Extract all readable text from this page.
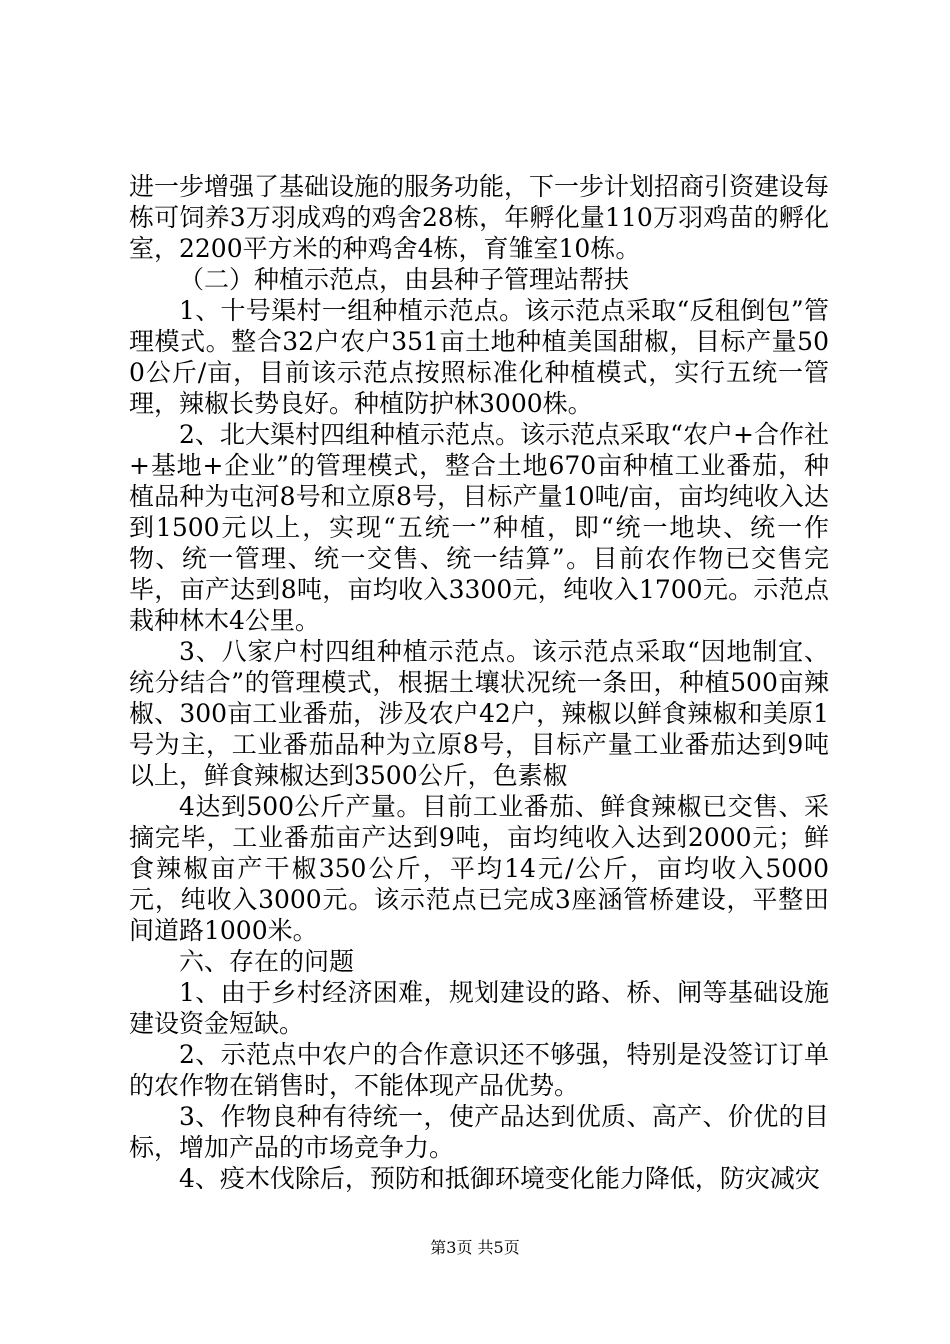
进一步增强了基础设施的服务功能，下一步计划招商引资建设每栋可饲养3万羽成鸡的鸡舍28栋，年孵化量110万羽鸡苗的孵化室，2200平方米的种鸡舍4栋，育雏室10栋。

（二）种植示范点，由县种子管理站帮扶

1、十号渠村一组种植示范点。该示范点采取“反租倒包”管理模式。整合32户农户351亩土地种植美国甜椒，目标产量500公斤/亩，目前该示范点按照标准化种植模式，实行五统一管理，辣椒长势良好。种植防护林3000株。

2、北大渠村四组种植示范点。该示范点采取“农户+合作社+基地+企业”的管理模式，整合土地670亩种植工业番茄，种植品种为屯河8号和立原8号，目标产量10吨/亩，亩均纯收入达到1500元以上，实现“五统一”种植，即“统一地块、统一作物、统一管理、统一交售、统一结算”。目前农作物已交售完毕，亩产达到8吨，亩均收入3300元，纯收入1700元。示范点栽种林木4公里。

3、八家户村四组种植示范点。该示范点采取“因地制宜、统分结合”的管理模式，根据土壤状况统一条田，种植500亩辣椒、300亩工业番茄，涉及农户42户，辣椒以鲜食辣椒和美原1号为主，工业番茄品种为立原8号，目标产量工业番茄达到9吨以上，鲜食辣椒达到3500公斤，色素椒

4达到500公斤产量。目前工业番茄、鲜食辣椒已交售、采摘完毕，工业番茄亩产达到9吨，亩均纯收入达到2000元；鲜食辣椒亩产干椒350公斤，平均14元/公斤，亩均收入5000元，纯收入3000元。该示范点已完成3座涵管桥建设，平整田间道路1000米。

六、存在的问题

1、由于乡村经济困难，规划建设的路、桥、闸等基础设施建设资金短缺。

2、示范点中农户的合作意识还不够强，特别是没签订订单的农作物在销售时，不能体现产品优势。

3、作物良种有待统一，使产品达到优质、高产、价优的目标，增加产品的市场竞争力。

4、疫木伐除后，预防和抵御环境变化能力降低，防灾减灾

第3页 共5页
